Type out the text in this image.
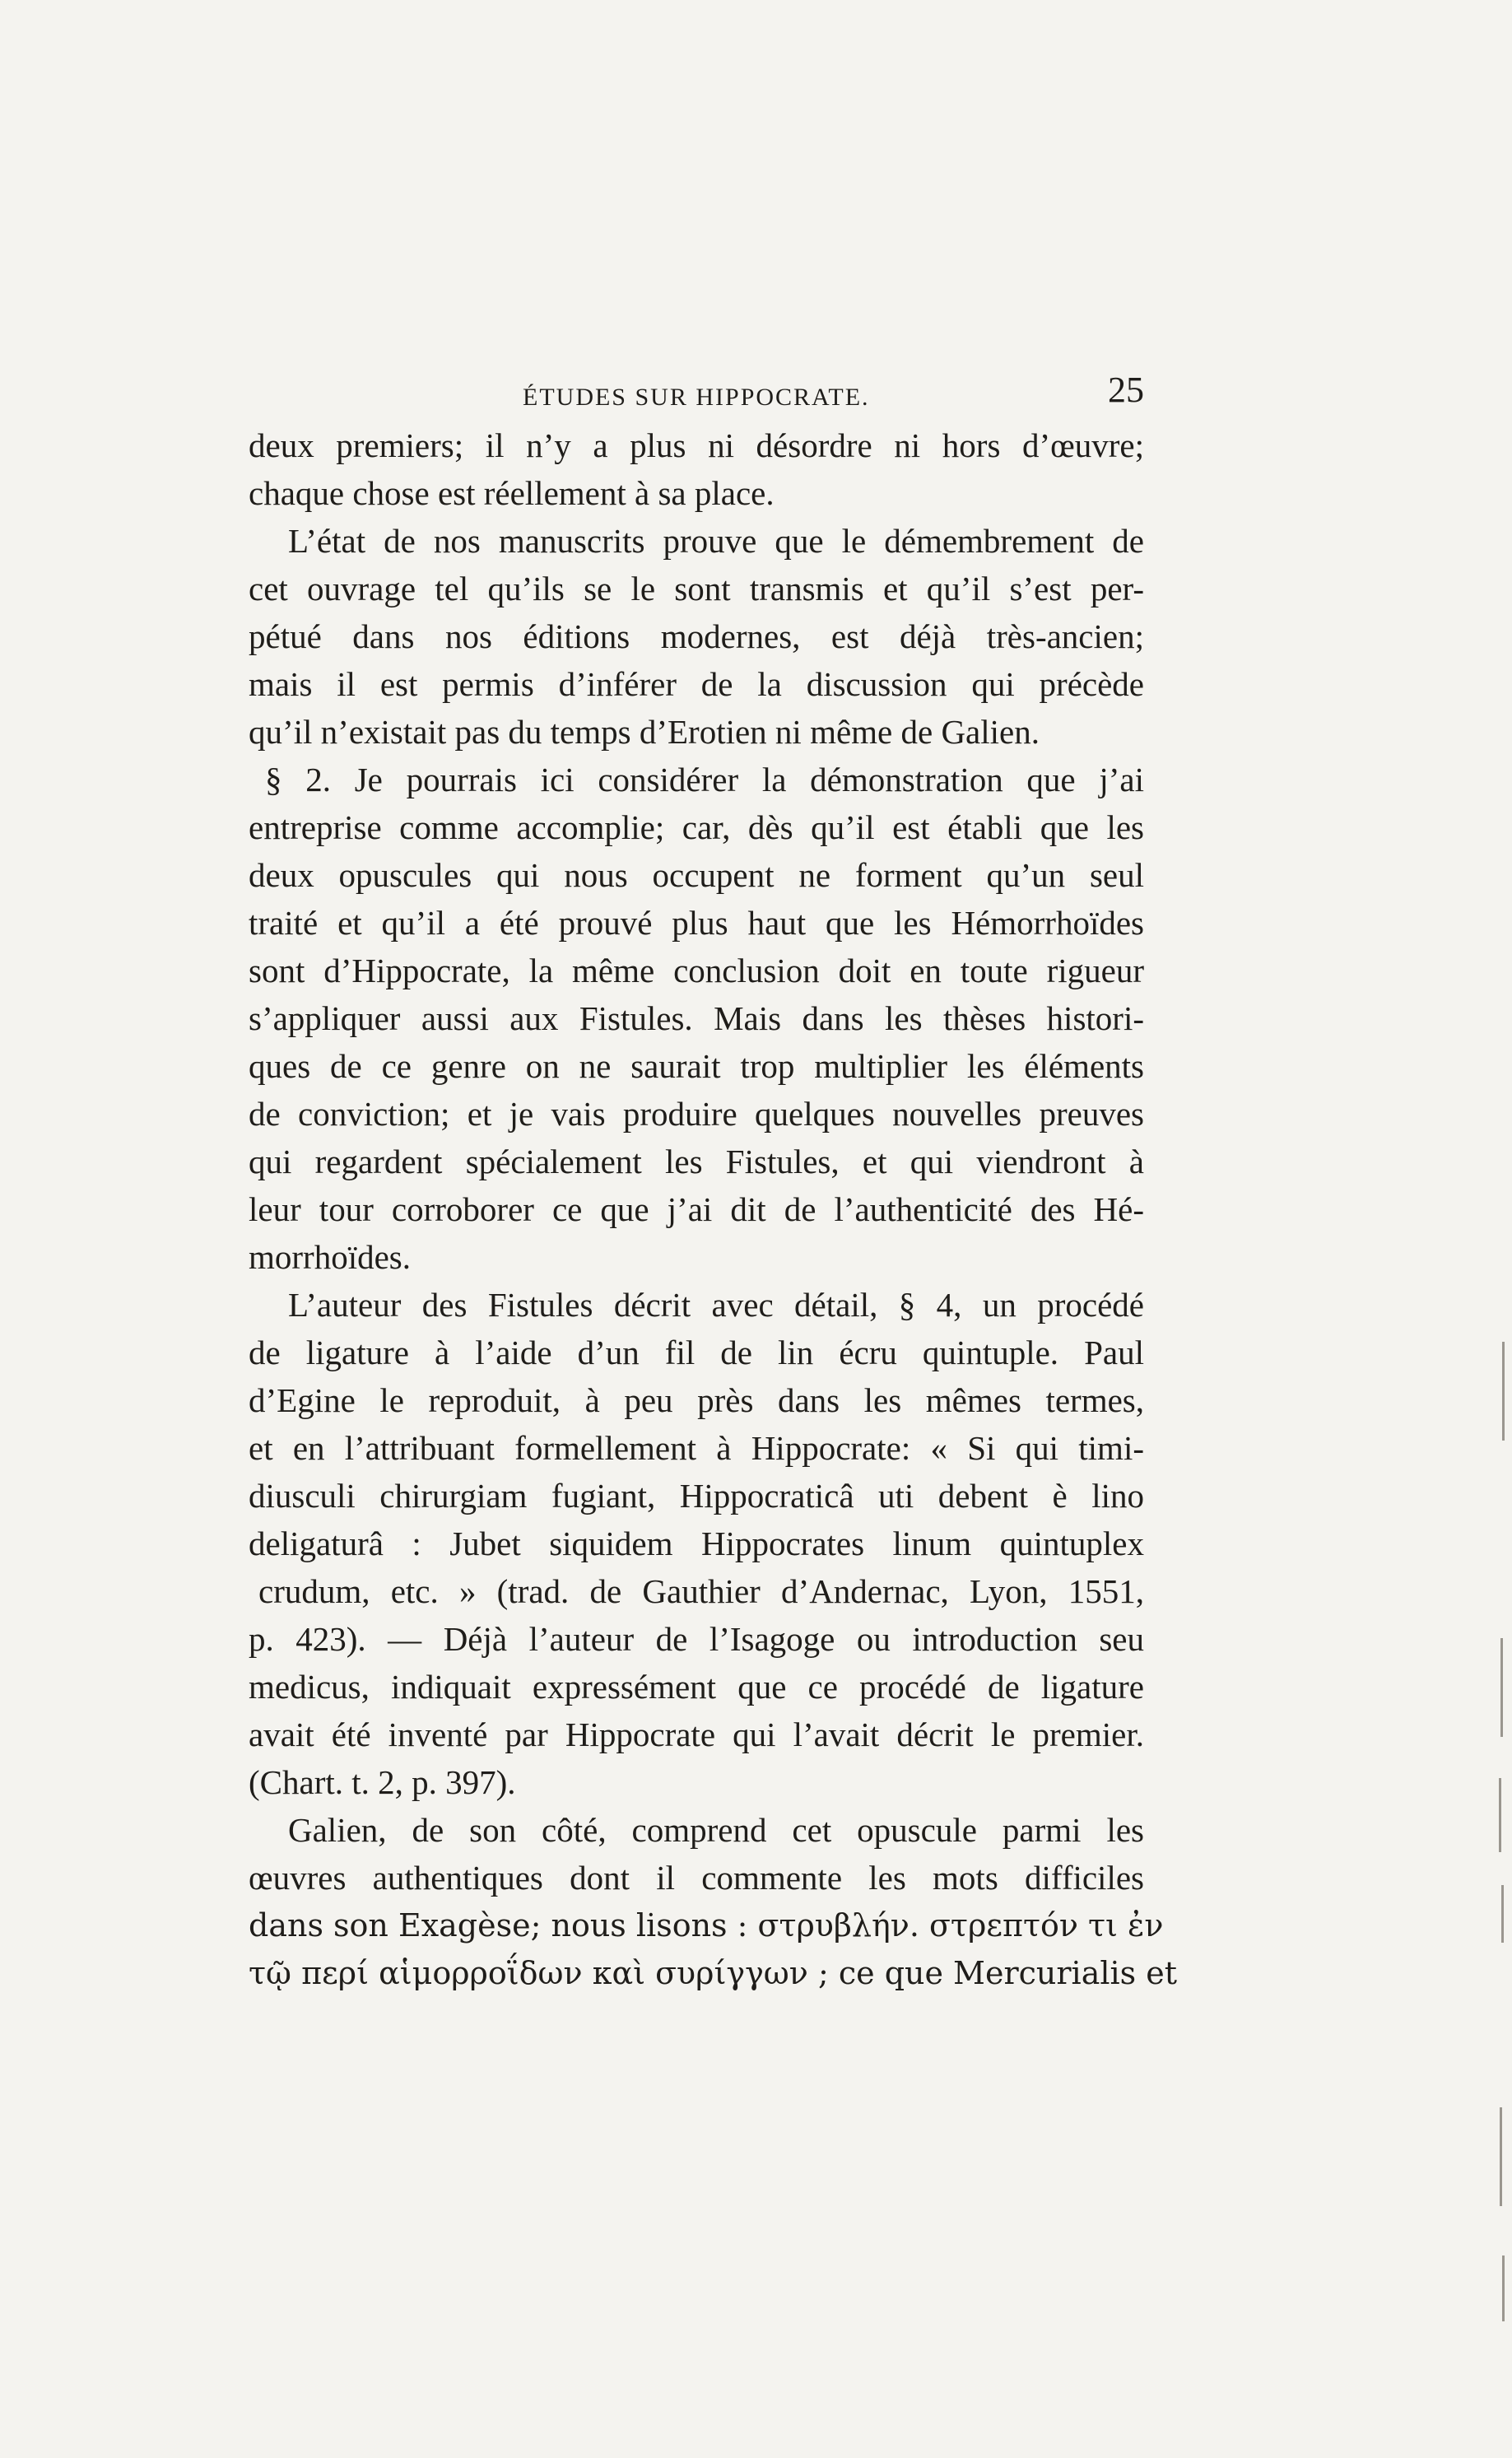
ÉTUDES SUR HIPPOCRATE.	25
deux premiers; il n’y a plus ni désordre ni hors d’œuvre;
chaque chose est réellement à sa place.
L’état de nos manuscrits prouve que le démembrement de
cet ouvrage tel qu’ils se le sont transmis et qu’il s’est per-
pétué dans nos éditions modernes, est déjà très-ancien;
mais il est permis d’inférer de la discussion qui précède
qu’il n’existait pas du temps d’Erotien ni même de Galien.
§ 2. Je pourrais ici considérer la démonstration que j’ai
entreprise comme accomplie; car, dès qu’il est établi que les
deux opuscules qui nous occupent ne forment qu’un seul
traité et qu’il a été prouvé plus haut que les Hémorrhoïdes
sont d’Hippocrate, la même conclusion doit en toute rigueur
s’appliquer aussi aux Fistules. Mais dans les thèses histori-
ques de ce genre on ne saurait trop multiplier les éléments
de conviction; et je vais produire quelques nouvelles preuves
qui regardent spécialement les Fistules, et qui viendront à
leur tour corroborer ce que j’ai dit de l’authenticité des Hé-
morrhoïdes.
L’auteur des Fistules décrit avec détail, § 4, un procédé
de ligature à l’aide d’un fil de lin écru quintuple. Paul
d’Egine le reproduit, à peu près dans les mêmes termes,
et en l’attribuant formellement à Hippocrate: « Si qui timi-
diusculi chirurgiam fugiant, Hippocraticâ uti debent è lino
deligaturâ : Jubet siquidem Hippocrates linum quintuplex
crudum, etc. » (trad. de Gauthier d’Andernac, Lyon, 1551,
p. 423). — Déjà l’auteur de l’Isagoge ou introduction seu
medicus, indiquait expressément que ce procédé de ligature
avait été inventé par Hippocrate qui l’avait décrit le premier.
(Chart. t. 2, p. 397).
Galien, de son côté, comprend cet opuscule parmi les
œuvres authentiques dont il commente les mots difficiles
dans son Exagèse; nous lisons : στρυβλήν. στρεπτόν τι ἐν
τῷ περί αἱμορροΐδων καὶ συρίγγων ; ce que Mercurialis et
